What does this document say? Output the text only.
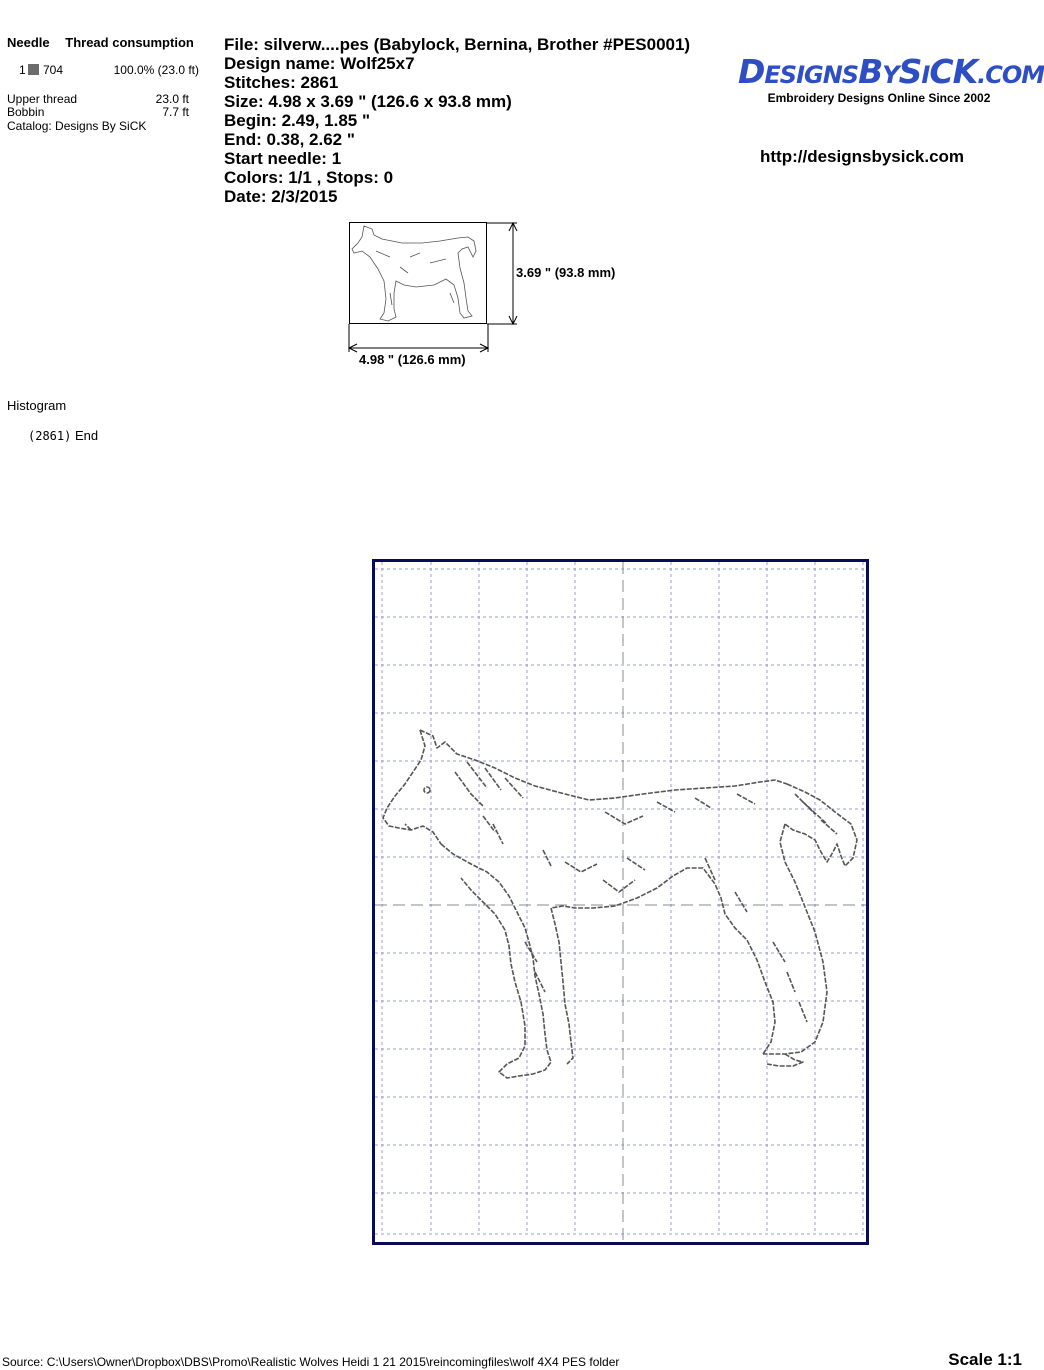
Needle Thread consumption
1 704	100.0% (23.0 ft)
Upper thread	23.0 ft
Bobbin	7.7 ft
Catalog: Designs By SiCK
File: silverw....pes (Babylock, Bernina, Brother #PES0001)
Design name: Wolf25x7
Stitches: 2861
Size: 4.98 x 3.69 " (126.6 x 93.8 mm)
Begin: 2.49, 1.85 "
End: 0.38, 2.62 "
Start needle: 1
Colors: 1/1 , Stops: 0
Date: 2/3/2015
DESIGNSBYSICK.COM
Embroidery Designs Online Since 2002
http://designsbysick.com
3.69 " (93.8 mm)
4.98 " (126.6 mm)
Histogram
(2861) End
Source: C:\Users\Owner\Dropbox\DBS\Promo\Realistic Wolves Heidi 1 21 2015\reincomingfiles\wolf 4X4 PES folder	Scale 1:1
